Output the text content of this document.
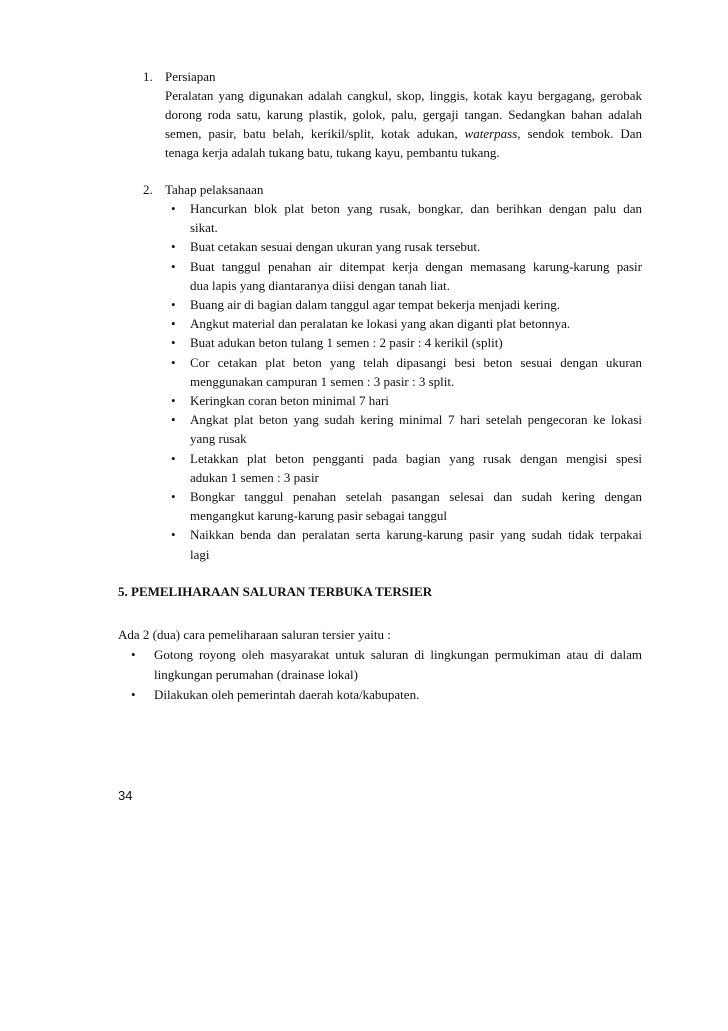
1. Persiapan
Peralatan yang digunakan adalah cangkul, skop, linggis, kotak kayu bergagang, gerobak
dorong roda satu, karung plastik, golok, palu, gergaji tangan. Sedangkan bahan adalah
semen, pasir, batu belah, kerikil/split, kotak adukan, waterpass, sendok tembok. Dan
tenaga kerja adalah tukang batu, tukang kayu, pembantu tukang.
2. Tahap pelaksanaan
• Hancurkan blok plat beton yang rusak, bongkar, dan berihkan dengan palu dan
sikat.
• Buat cetakan sesuai dengan ukuran yang rusak tersebut.
• Buat tanggul penahan air ditempat kerja dengan memasang karung-karung pasir
dua lapis yang diantaranya diisi dengan tanah liat.
• Buang air di bagian dalam tanggul agar tempat bekerja menjadi kering.
• Angkut material dan peralatan ke lokasi yang akan diganti plat betonnya.
• Buat adukan beton tulang 1 semen : 2 pasir : 4 kerikil (split)
• Cor cetakan plat beton yang telah dipasangi besi beton sesuai dengan ukuran
menggunakan campuran 1 semen : 3 pasir : 3 split.
• Keringkan coran beton minimal 7 hari
• Angkat plat beton yang sudah kering minimal 7 hari setelah pengecoran ke lokasi
yang rusak
• Letakkan plat beton pengganti pada bagian yang rusak dengan mengisi spesi
adukan 1 semen : 3 pasir
• Bongkar tanggul penahan setelah pasangan selesai dan sudah kering dengan
mengangkut karung-karung pasir sebagai tanggul
• Naikkan benda dan peralatan serta karung-karung pasir yang sudah tidak terpakai
lagi
5. PEMELIHARAAN SALURAN TERBUKA TERSIER
Ada 2 (dua) cara pemeliharaan saluran tersier yaitu :
• Gotong royong oleh masyarakat untuk saluran di lingkungan permukiman atau di dalam
lingkungan perumahan (drainase lokal)
• Dilakukan oleh pemerintah daerah kota/kabupaten.
34
